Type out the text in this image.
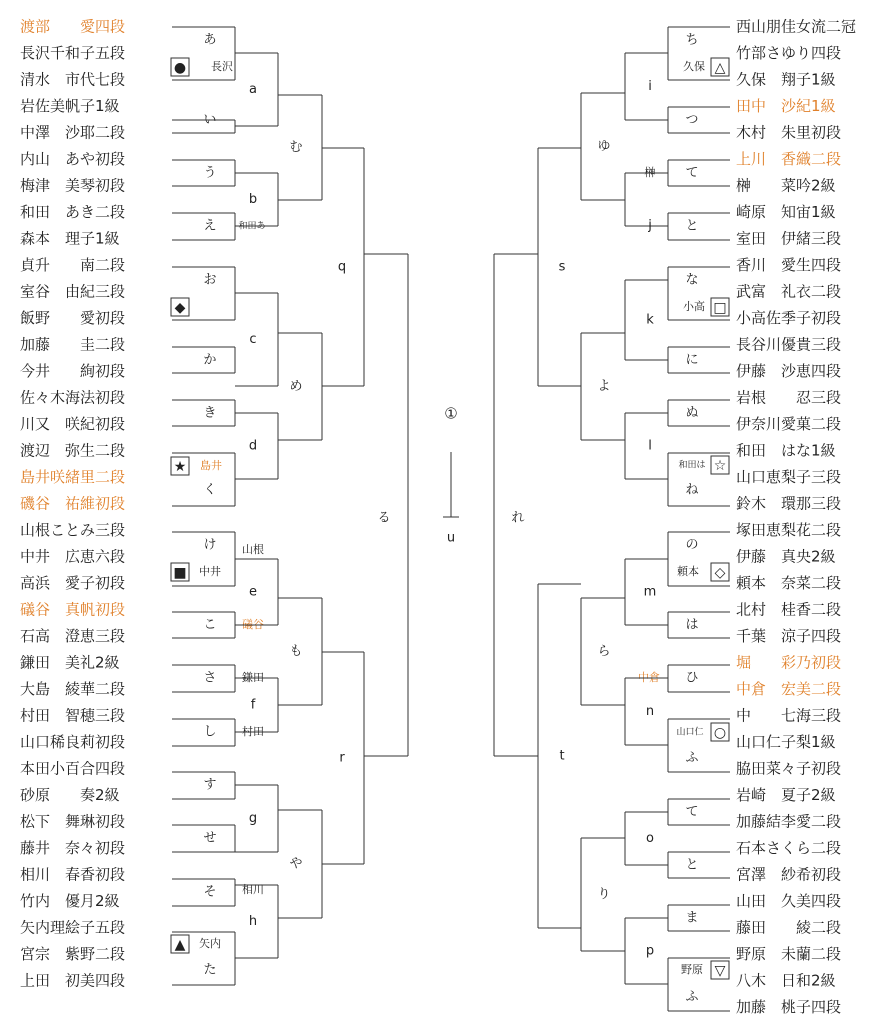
渡部　　愛四段
長沢千和子五段
清水　市代七段
岩佐美帆子1級
中澤　沙耶二段
内山　あや初段
梅津　美琴初段
和田　あき二段
森本　理子1級
貞升　　南二段
室谷　由紀三段
飯野　　愛初段
加藤　　圭二段
今井　　絢初段
佐々木海法初段
川又　咲紀初段
渡辺　弥生二段
島井咲緒里二段
磯谷　祐維初段
山根ことみ三段
中井　広恵六段
高浜　愛子初段
礒谷　真帆初段
石高　澄恵三段
鎌田　美礼2級
大島　綾華二段
村田　智穂三段
山口稀良莉初段
本田小百合四段
砂原　　奏2級
松下　舞琳初段
藤井　奈々初段
相川　春香初段
竹内　優月2級
矢内理絵子五段
宮宗　紫野二段
上田　初美四段
あ
い
う
え
お
か
き
く
け
こ
さ
し
す
せ
そ
た
長沢
和田あ
島井
山根
中井
礒谷
鎌田
村田
相川
矢内
●
◆
★
■
▲
a
b
c
d
e
f
g
h
む
め
も
や
q
r
る
西山朋佳女流二冠
竹部さゆり四段
久保　翔子1級
田中　沙紀1級
木村　朱里初段
上川　香織二段
榊　　菜吟2級
崎原　知宙1級
室田　伊緒三段
香川　愛生四段
武富　礼衣二段
小高佐季子初段
長谷川優貴三段
伊藤　沙恵四段
岩根　　忍三段
伊奈川愛菓二段
和田　はな1級
山口恵梨子三段
鈴木　環那三段
塚田恵梨花二段
伊藤　真央2級
頼本　奈菜二段
北村　桂香二段
千葉　涼子四段
堀　　彩乃初段
中倉　宏美二段
中　　七海三段
山口仁子梨1級
脇田菜々子初段
岩崎　夏子2級
加藤結李愛二段
石本さくら二段
宮澤　紗希初段
山田　久美四段
藤田　　綾二段
野原　未蘭二段
八木　日和2級
加藤　桃子四段
ち
つ
て
と
な
に
ぬ
ね
の
は
ひ
ふ
て
と
ま
ふ
久保
榊
小高
和田は
頼本
中倉
山口仁
野原
△
□
☆
◇
○
▽
i
j
k
l
m
n
o
p
ゆ
よ
ら
り
s
t
れ
①
u
